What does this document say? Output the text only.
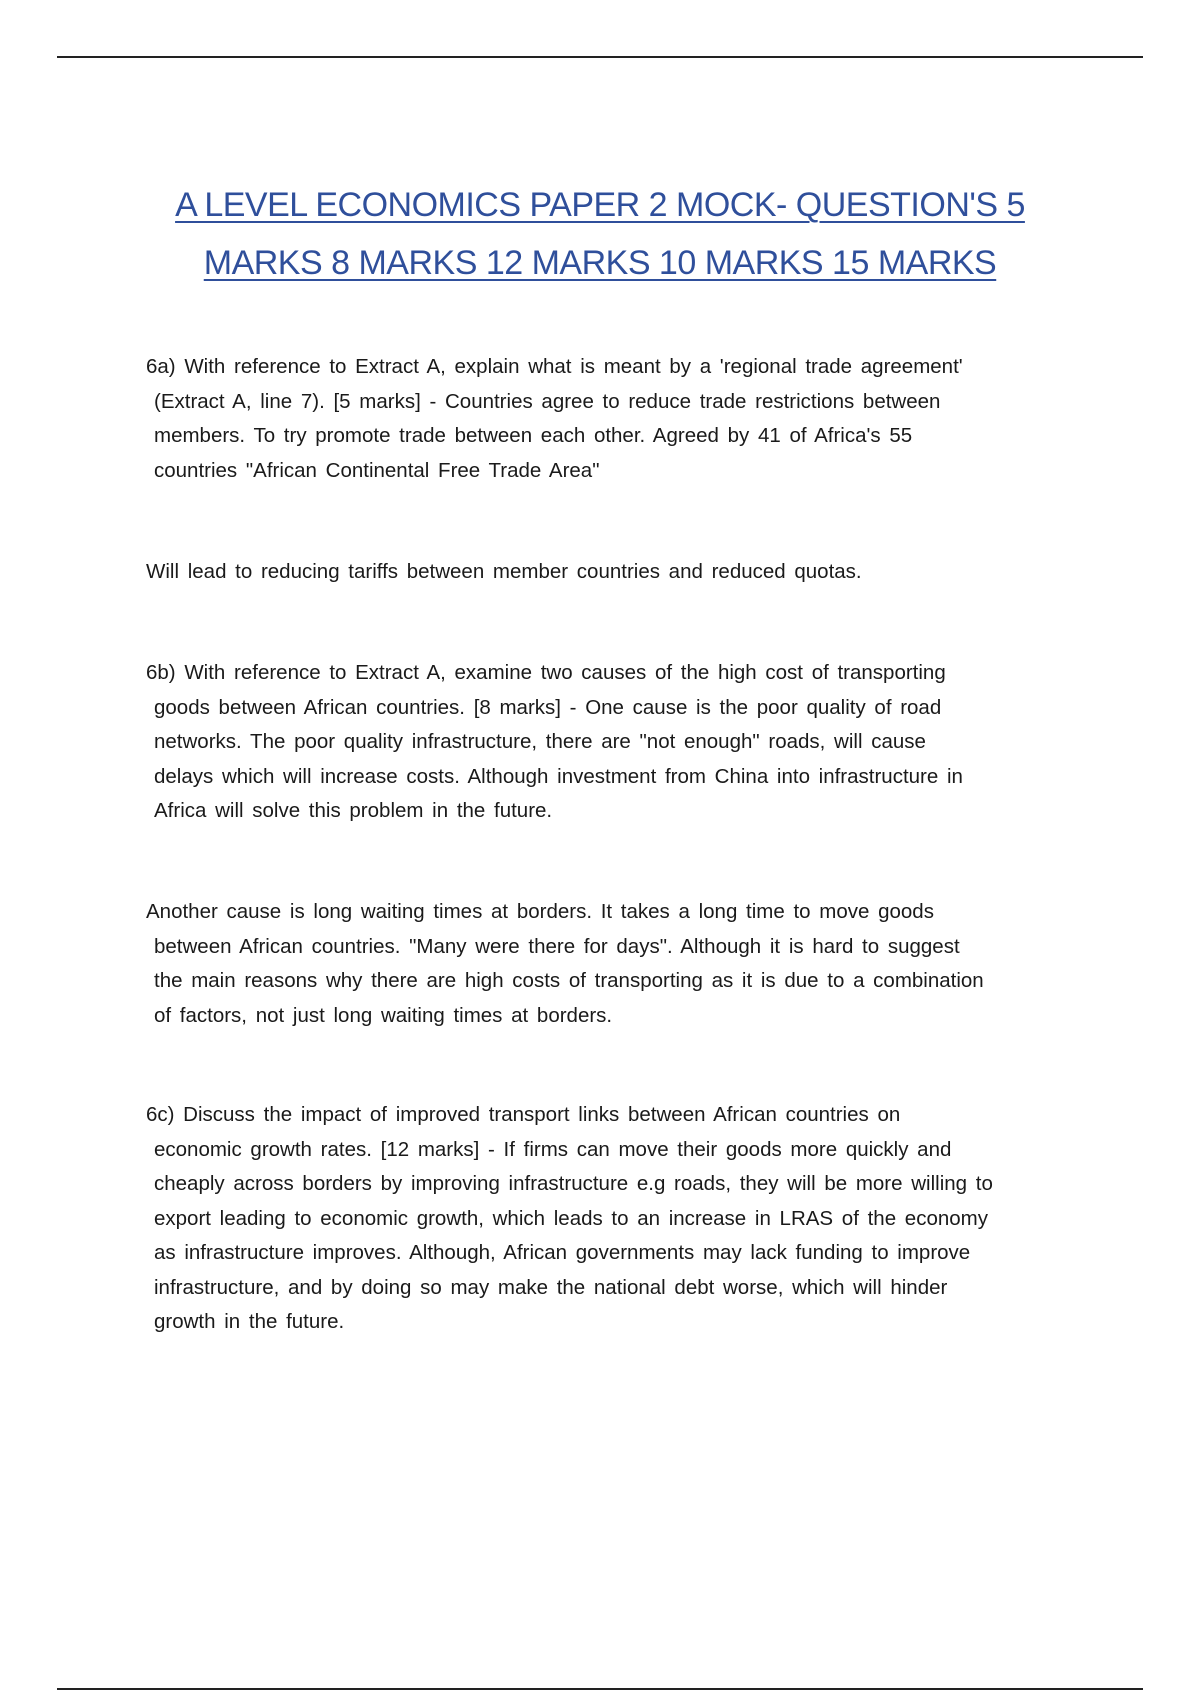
A LEVEL ECONOMICS PAPER 2 MOCK- QUESTION'S 5
MARKS 8 MARKS 12 MARKS 10 MARKS 15 MARKS
6a) With reference to Extract A, explain what is meant by a 'regional trade agreement'
(Extract A, line 7). [5 marks] - Countries agree to reduce trade restrictions between
members. To try promote trade between each other. Agreed by 41 of Africa's 55
countries "African Continental Free Trade Area"
Will lead to reducing tariffs between member countries and reduced quotas.
6b) With reference to Extract A, examine two causes of the high cost of transporting
goods between African countries. [8 marks] - One cause is the poor quality of road
networks. The poor quality infrastructure, there are "not enough" roads, will cause
delays which will increase costs. Although investment from China into infrastructure in
Africa will solve this problem in the future.
Another cause is long waiting times at borders. It takes a long time to move goods
between African countries. "Many were there for days". Although it is hard to suggest
the main reasons why there are high costs of transporting as it is due to a combination
of factors, not just long waiting times at borders.
6c) Discuss the impact of improved transport links between African countries on
economic growth rates. [12 marks] - If firms can move their goods more quickly and
cheaply across borders by improving infrastructure e.g roads, they will be more willing to
export leading to economic growth, which leads to an increase in LRAS of the economy
as infrastructure improves. Although, African governments may lack funding to improve
infrastructure, and by doing so may make the national debt worse, which will hinder
growth in the future.
